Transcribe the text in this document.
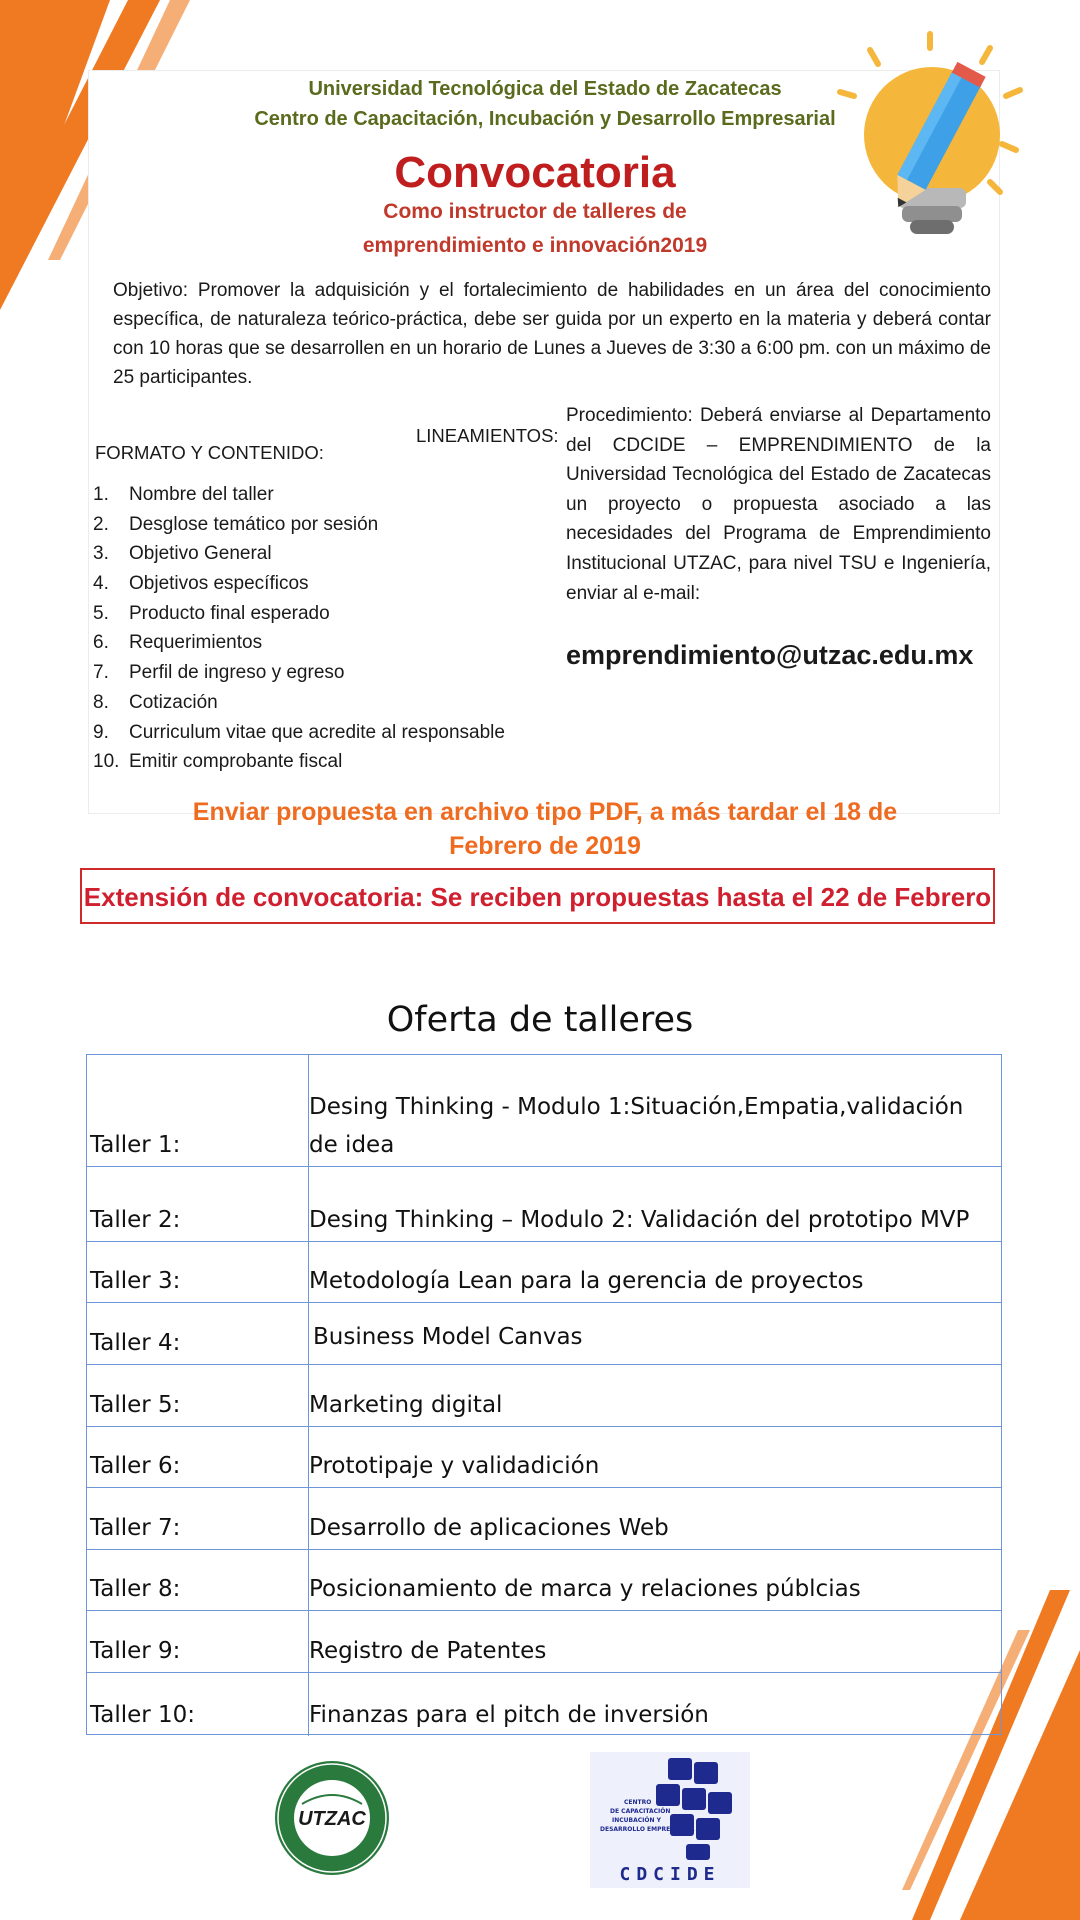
Universidad Tecnológica del Estado de Zacatecas
Centro de Capacitación, Incubación y Desarrollo Empresarial
Convocatoria
Como instructor de talleres de
emprendimiento e innovación2019
Objetivo: Promover la adquisición y el fortalecimiento de habilidades en un área del conocimiento específica, de naturaleza teórico-práctica, debe ser guida por un experto en la materia y deberá contar con 10 horas que se desarrollen en un horario de Lunes a Jueves de 3:30 a 6:00 pm. con un máximo de 25 participantes.
FORMATO Y CONTENIDO:
1. Nombre del taller
2. Desglose temático por sesión
3. Objetivo General
4. Objetivos específicos
5. Producto final esperado
6. Requerimientos
7. Perfil de ingreso y egreso
8. Cotización
9. Curriculum vitae que acredite al responsable
10. Emitir comprobante fiscal
LINEAMIENTOS:
Procedimiento: Deberá enviarse al Departamento del CDCIDE – EMPRENDIMIENTO de la Universidad Tecnológica del Estado de Zacatecas un proyecto o propuesta asociado a las necesidades del Programa de Emprendimiento Institucional UTZAC, para nivel TSU e Ingeniería, enviar al e-mail:
emprendimiento@utzac.edu.mx
Enviar propuesta en archivo tipo PDF, a más tardar el 18 de
Febrero de 2019
Extensión de convocatoria: Se reciben propuestas hasta el 22 de Febrero
Oferta de talleres
Taller 1:
Desing Thinking - Modulo 1:Situación,Empatia,validación de idea
Taller 2:	Desing Thinking – Modulo 2: Validación del prototipo MVP
Taller 3:	Metodología Lean para la gerencia de proyectos
Taller 4:	Business Model Canvas
Taller 5:	Marketing digital
Taller 6:	Prototipaje y validadición
Taller 7:	Desarrollo de aplicaciones Web
Taller 8:	Posicionamiento de marca y relaciones públcias
Taller 9:	Registro de Patentes
Taller 10:	Finanzas para el pitch de inversión
UTZAC
CENTRO
DE CAPACITACIÓN
INCUBACIÓN Y
DESARROLLO EMPRESARIAL
CDCIDE
